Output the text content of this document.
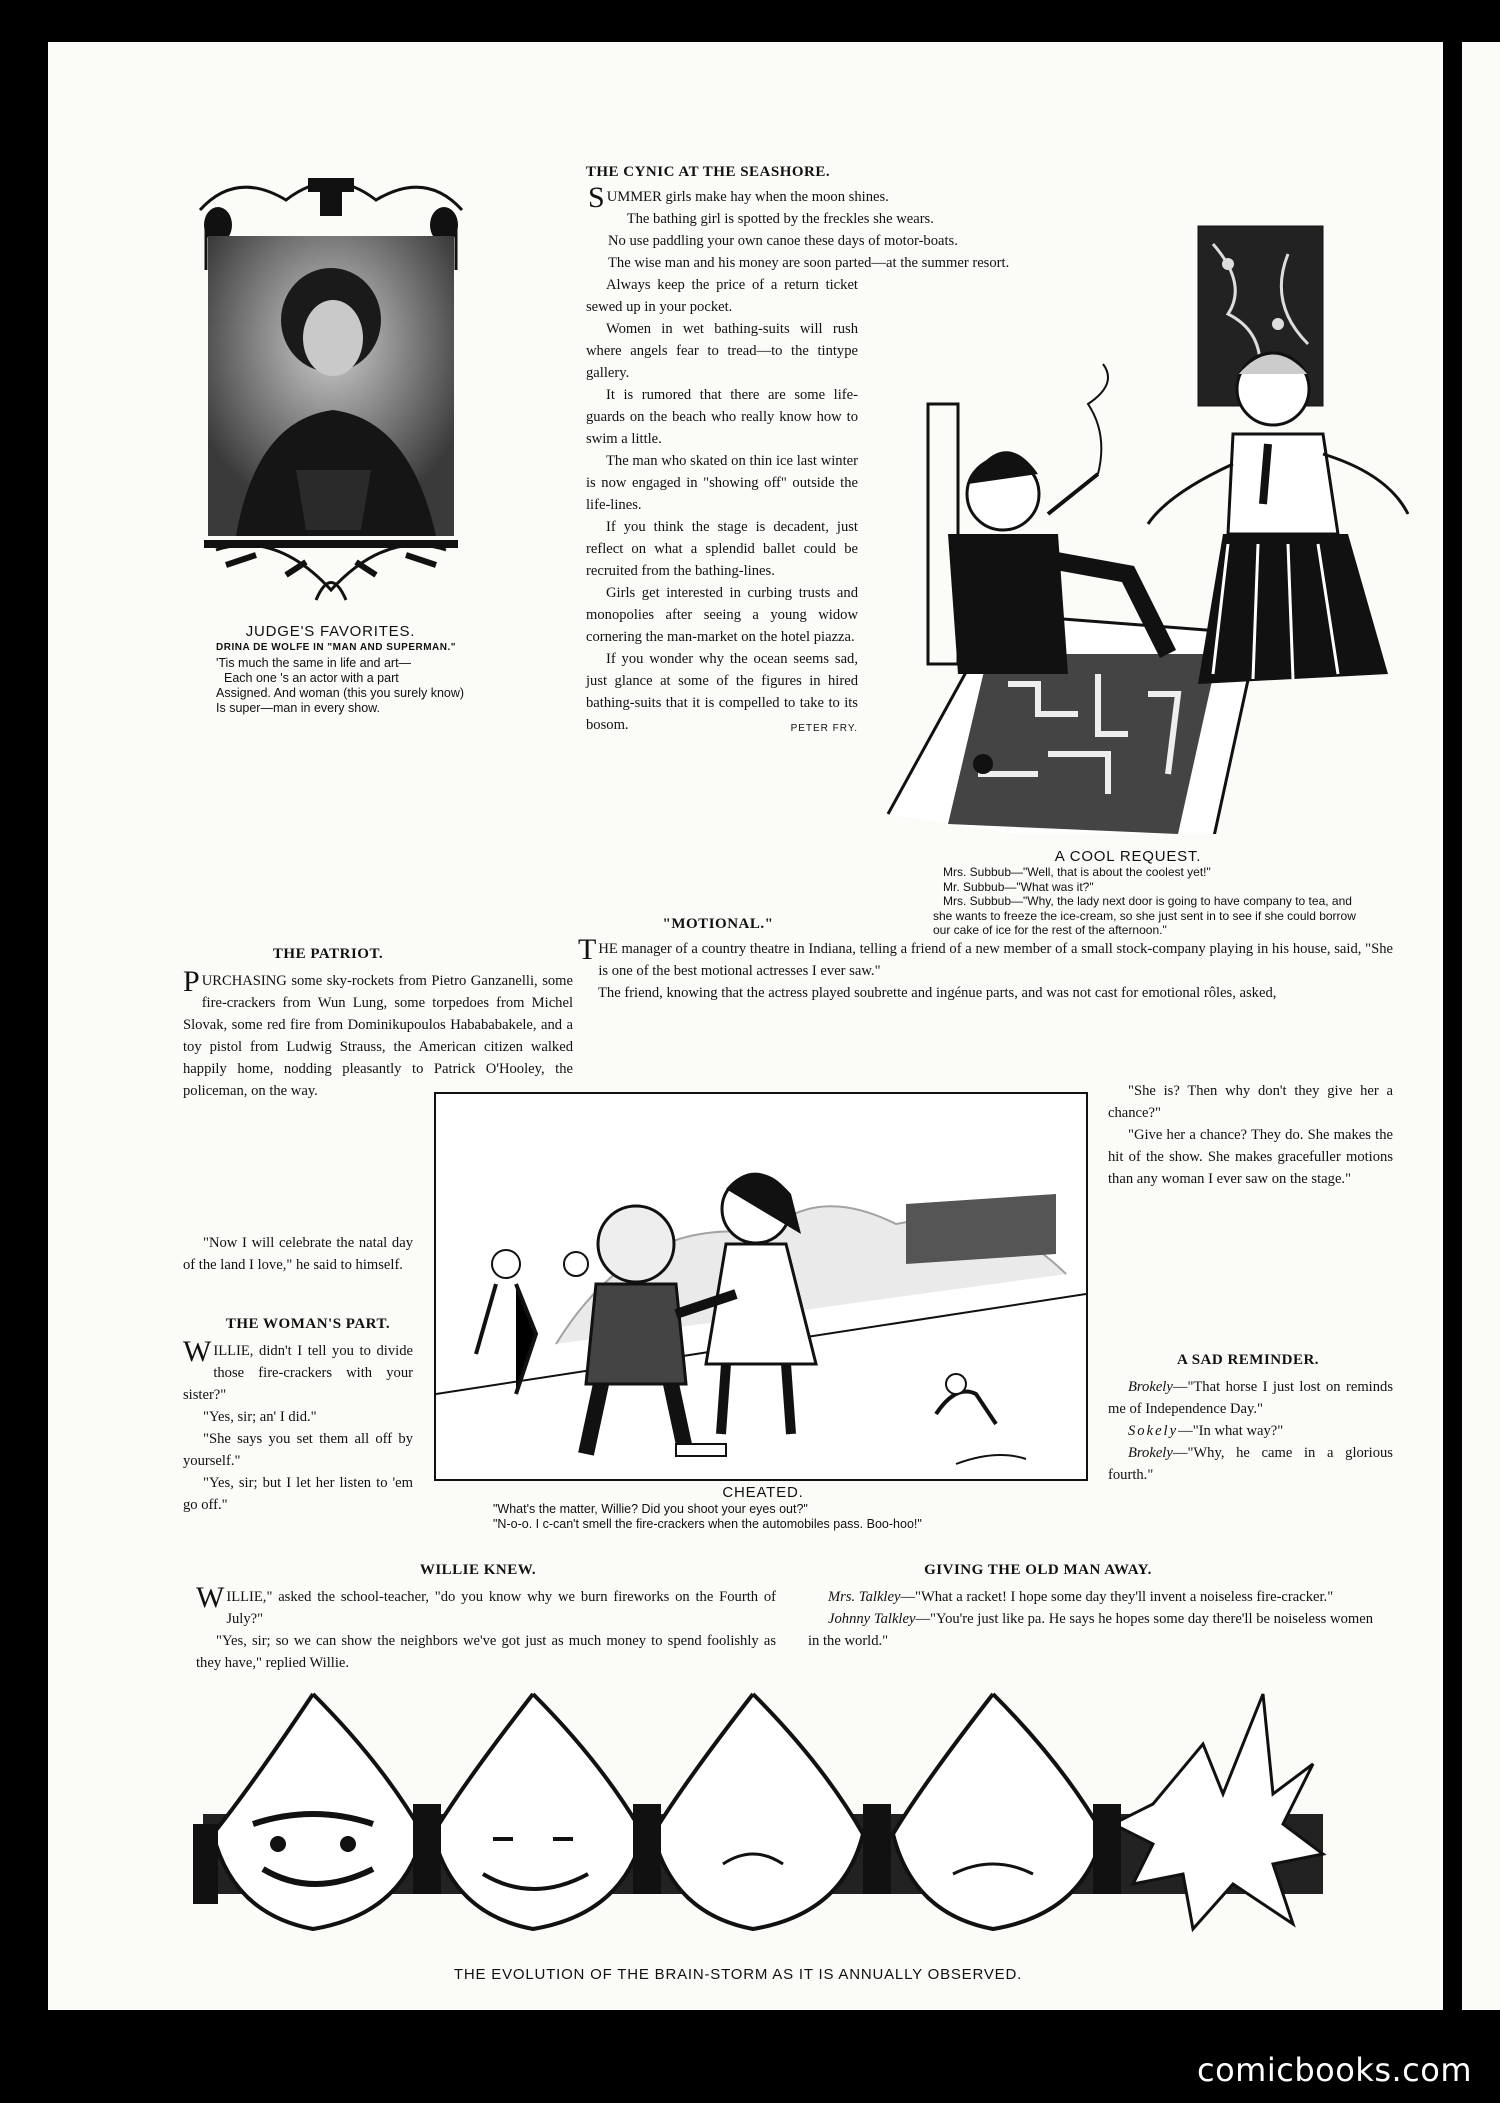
JUDGE'S FAVORITES.
DRINA DE WOLFE IN "MAN AND SUPERMAN."
'Tis much the same in life and art—
Each one 's an actor with a part
Assigned. And woman (this you surely know)
Is super—man in every show.
THE CYNIC AT THE SEASHORE.

SUMMER girls make hay when the moon shines.

The bathing girl is spotted by the freckles she wears.

No use paddling your own canoe these days of motor-boats.

The wise man and his money are soon parted—at the summer resort.

Always keep the price of a return ticket sewed up in your pocket.

Women in wet bathing-suits will rush where angels fear to tread—to the tintype gallery.

It is rumored that there are some life-guards on the beach who really know how to swim a little.

The man who skated on thin ice last winter is now engaged in "showing off" outside the life-lines.

If you think the stage is decadent, just reflect on what a splendid ballet could be recruited from the bathing-lines.

Girls get interested in curbing trusts and monopolies after seeing a young widow cornering the man-market on the hotel piazza.

If you wonder why the ocean seems sad, just glance at some of the figures in hired bathing-suits that it is compelled to take to its bosom.	PETER FRY.
A COOL REQUEST.
Mrs. Subbub—"Well, that is about the coolest yet!"
Mr. Subbub—"What was it?"
Mrs. Subbub—"Why, the lady next door is going to have company to tea, and she wants to freeze the ice-cream, so she just sent in to see if she could borrow our cake of ice for the rest of the afternoon."
"MOTIONAL."

THE manager of a country theatre in Indiana, telling a friend of a new member of a small stock-company playing in his house, said, "She is one of the best motional actresses I ever saw."

The friend, knowing that the actress played soubrette and ingénue parts, and was not cast for emotional rôles, asked,

"She is? Then why don't they give her a chance?"

"Give her a chance? They do. She makes the hit of the show. She makes gracefuller motions than any woman I ever saw on the stage."

THE PATRIOT.

PURCHASING some sky-rockets from Pietro Ganzanelli, some fire-crackers from Wun Lung, some torpedoes from Michel Slovak, some red fire from Dominikupoulos Habababakele, and a toy pistol from Ludwig Strauss, the American citizen walked happily home, nodding pleasantly to Patrick O'Hooley, the policeman, on the way.

"Now I will celebrate the natal day of the land I love," he said to himself.

THE WOMAN'S PART.

WILLIE, didn't I tell you to divide those fire-crackers with your sister?"

"Yes, sir; an' I did."

"She says you set them all off by yourself."

"Yes, sir; but I let her listen to 'em go off."

CHEATED.
"What's the matter, Willie? Did you shoot your eyes out?"
"N-o-o. I c-can't smell the fire-crackers when the automobiles pass. Boo-hoo!"
A SAD REMINDER.

Brokely—"That horse I just lost on reminds me of Independence Day."

Sokely—"In what way?"

Brokely—"Why, he came in a glorious fourth."

WILLIE KNEW.

WILLIE," asked the school-teacher, "do you know why we burn fireworks on the Fourth of July?"

"Yes, sir; so we can show the neighbors we've got just as much money to spend foolishly as they have," replied Willie.

GIVING THE OLD MAN AWAY.

Mrs. Talkley—"What a racket! I hope some day they'll invent a noiseless fire-cracker."

Johnny Talkley—"You're just like pa. He says he hopes some day there'll be noiseless women in the world."

THE EVOLUTION OF THE BRAIN-STORM AS IT IS ANNUALLY OBSERVED.
comicbooks.com
